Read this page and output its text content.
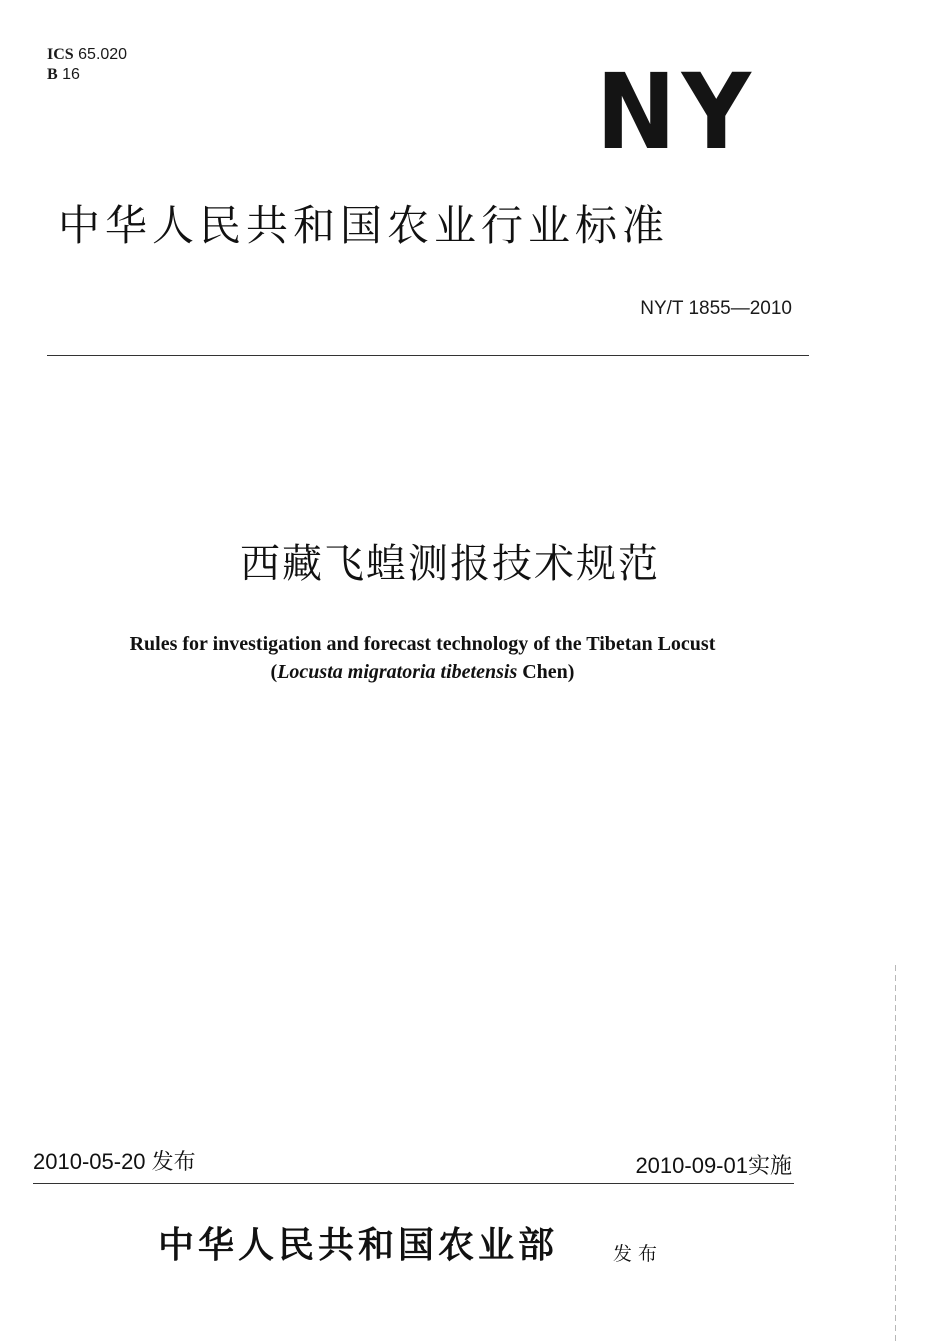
ICS 65.020
B 16	NY
中华人民共和国农业行业标准
NY/T 1855—2010
西藏飞蝗测报技术规范
Rules for investigation and forecast technology of the Tibetan Locust
(Locusta migratoria tibetensis Chen)
2010-05-20 发布	2010-09-01实施
中华人民共和国农业部	发布
